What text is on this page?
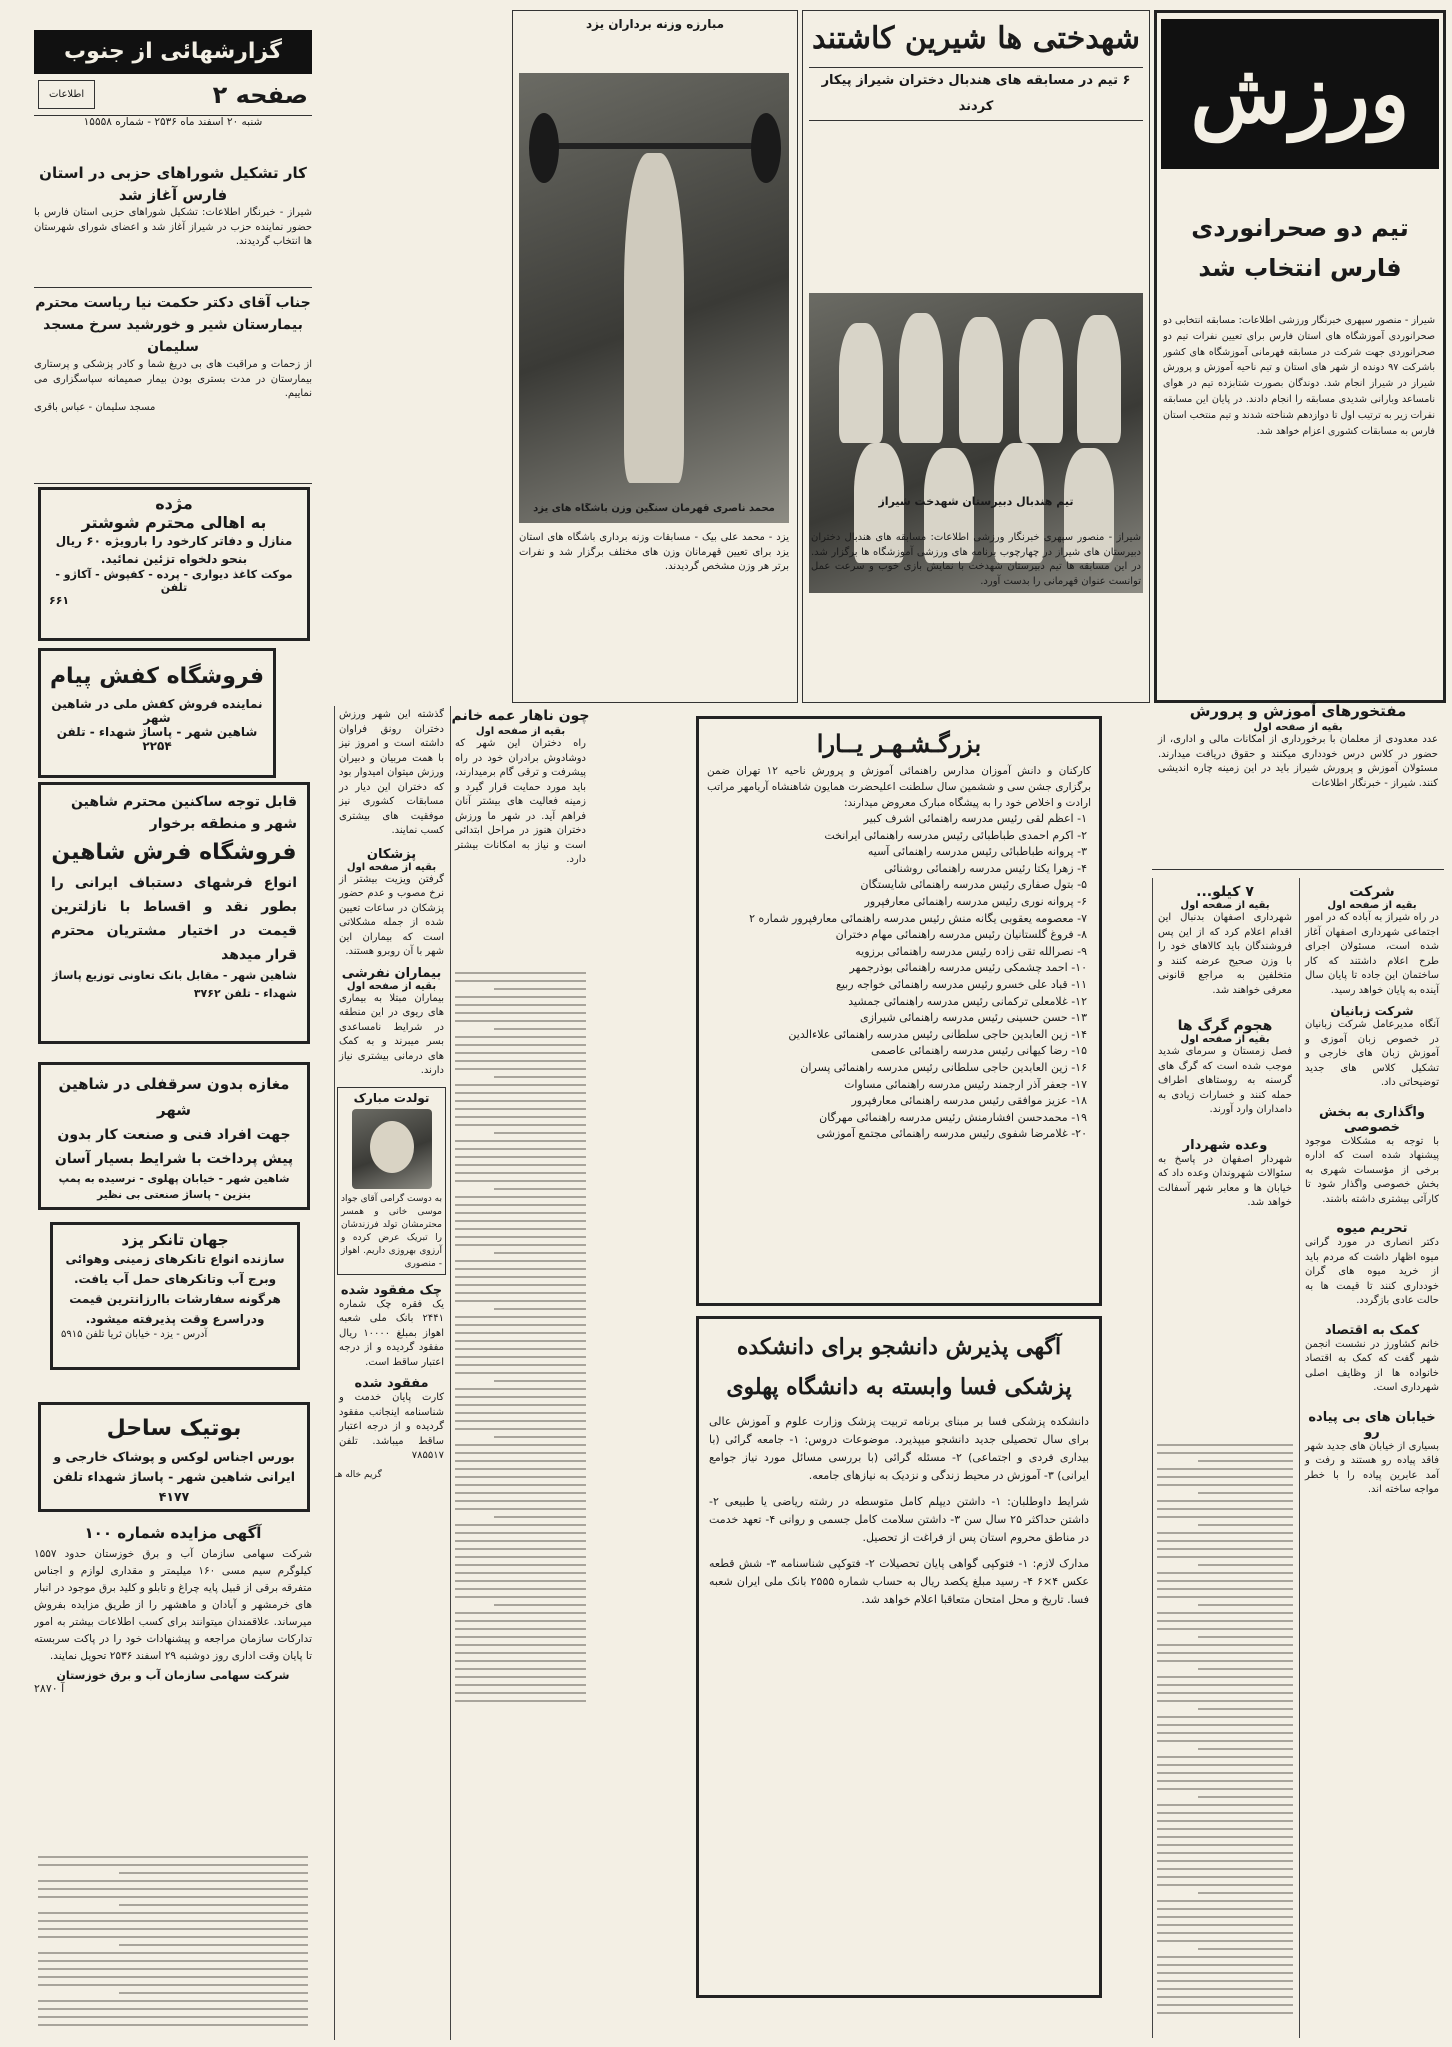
ورزش
تیم دو صحرانوردی فارس انتخاب شد
شیراز - منصور سپهری خبرنگار ورزشی اطلاعات: مسابقه انتخابی دو صحرانوردی آموزشگاه های استان فارس برای تعیین نفرات تیم دو صحرانوردی جهت شرکت در مسابقه قهرمانی آموزشگاه های کشور باشرکت ۹۷ دونده از شهر های استان و تیم ناحیه آموزش و پرورش شیراز در شیراز انجام شد. دوندگان بصورت شتابزده تیم در هوای نامساعد وبارانی شدیدی مسابقه را انجام دادند. در پایان این مسابقه نفرات زیر به ترتیب اول تا دوازدهم شناخته شدند و تیم منتخب استان فارس به مسابقات کشوری اعزام خواهد شد.
مفتخورهای آموزش و پرورش
بقیه از صفحه اول
عدد معدودی از معلمان با برخورداری از امکانات مالی و اداری، از حضور در کلاس درس خودداری میکنند و حقوق دریافت میدارند. مسئولان آموزش و پرورش شیراز باید در این زمینه چاره اندیشی کنند. شیراز - خبرنگار اطلاعات
شرکت
بقیه از صفحه اول
در راه شیراز به آباده که در امور اجتماعی شهرداری اصفهان آغاز شده است، مسئولان اجرای طرح اعلام داشتند که کار ساختمان این جاده تا پایان سال آینده به پایان خواهد رسید.
شرکت زبانیان
آنگاه مدیرعامل شرکت زبانیان در خصوص زبان آموزی و آموزش زبان های خارجی و تشکیل کلاس های جدید توضیحاتی داد.
واگذاری به بخش خصوصی
با توجه به مشکلات موجود پیشنهاد شده است که اداره برخی از مؤسسات شهری به بخش خصوصی واگذار شود تا کارآئی بیشتری داشته باشند.
تحریم میوه
دکتر انصاری در مورد گرانی میوه اظهار داشت که مردم باید از خرید میوه های گران خودداری کنند تا قیمت ها به حالت عادی بازگردد.
کمک به اقتصاد
خانم کشاورز در نشست انجمن شهر گفت که کمک به اقتصاد خانواده ها از وظایف اصلی شهرداری است.
خیابان های بی پیاده رو
بسیاری از خیابان های جدید شهر فاقد پیاده رو هستند و رفت و آمد عابرین پیاده را با خطر مواجه ساخته اند.
۷ کیلو...
بقیه از صفحه اول
شهرداری اصفهان بدنبال این اقدام اعلام کرد که از این پس فروشندگان باید کالاهای خود را با وزن صحیح عرضه کنند و متخلفین به مراجع قانونی معرفی خواهند شد.
هجوم گرگ ها
بقیه از صفحه اول
فصل زمستان و سرمای شدید موجب شده است که گرگ های گرسنه به روستاهای اطراف حمله کنند و خسارات زیادی به دامداران وارد آورند.
وعده شهردار
شهردار اصفهان در پاسخ به سئوالات شهروندان وعده داد که خیابان ها و معابر شهر آسفالت خواهد شد.
شهدختی ها شیرین کاشتند
۶ تیم در مسابقه های هندبال دختران شیراز پیکار کردند
تیم هندبال دبیرستان شهدخت شیراز
شیراز - منصور سپهری خبرنگار ورزشی اطلاعات: مسابقه های هندبال دختران دبیرستان های شیراز در چهارچوب برنامه های ورزشی آموزشگاه ها برگزار شد. در این مسابقه ها تیم دبیرستان شهدخت با نمایش بازی خوب و سرعت عمل توانست عنوان قهرمانی را بدست آورد.
مبارزه وزنه برداران یزد
محمد ناصری قهرمان سنگین وزن باشگاه های یزد
یزد - محمد علی بیک - مسابقات وزنه برداری باشگاه های استان یزد برای تعیین قهرمانان وزن های مختلف برگزار شد و نفرات برتر هر وزن مشخص گردیدند.
گزارشهائی از جنوب
صفحه ۲
اطلاعات
شنبه ۲۰ اسفند ماه ۲۵۳۶ - شماره ۱۵۵۵۸
کار تشکیل شوراهای حزبی در استان فارس آغاز شد
شیراز - خبرنگار اطلاعات: تشکیل شوراهای حزبی استان فارس با حضور نماینده حزب در شیراز آغاز شد و اعضای شورای شهرستان ها انتخاب گردیدند.
جناب آقای دکتر حکمت نیا ریاست محترم بیمارستان شیر و خورشید سرخ مسجد سلیمان
از زحمات و مراقبت های بی دریغ شما و کادر پزشکی و پرستاری بیمارستان در مدت بستری بودن بیمار صمیمانه سپاسگزاری می نماییم.
مسجد سلیمان - عباس باقری
مژده
به اهالی محترم شوشتر
منازل و دفاتر کارخود را بارویژه ۶۰ ریال بنحو دلخواه تزئین نمائید.
موکت کاغذ دیواری - پرده - کفپوش - آکاژو - تلفن
۶۶۱
فروشگاه کفش پیام
نماینده فروش کفش ملی در شاهین شهر
شاهین شهر - پاساژ شهداء - تلفن ۲۲۵۴
قابل توجه ساکنین محترم شاهین شهر و منطقه برخوار
فروشگاه فرش شاهین
انواع فرشهای دستباف ایرانی را بطور نقد و اقساط با نازلترین قیمت در اختیار مشتریان محترم قرار میدهد
شاهین شهر - مقابل بانک تعاونی توزیع پاساژ شهداء - تلفن ۳۷۶۲
مغازه بدون سرقفلی در شاهین شهر
جهت افراد فنی و صنعت کار بدون پیش پرداخت با شرایط بسیار آسان
شاهین شهر - خیابان پهلوی - نرسیده به پمپ بنزین - پاساژ صنعتی بی نظیر
جهان تانکر یزد
سازنده انواع تانکرهای زمینی وهوائی وبرج آب وتانکرهای حمل آب یافت.
هرگونه سفارشات باارزانترین قیمت ودراسرع وقت پذیرفته میشود.
آدرس - یزد - خیابان ثریا تلفن ۵۹۱۵
بوتیک ساحل
بورس اجناس لوکس و پوشاک خارجی و ایرانی شاهین شهر - پاساژ شهداء تلفن ۴۱۷۷
آگهی مزایده شماره ۱۰۰
شرکت سهامی سازمان آب و برق خوزستان حدود ۱۵۵۷ کیلوگرم سیم مسی ۱۶۰ میلیمتر و مقداری لوازم و اجناس متفرقه برقی از قبیل پایه چراغ و تابلو و کلید برق موجود در انبار های خرمشهر و آبادان و ماهشهر را از طریق مزایده بفروش میرساند. علاقمندان میتوانند برای کسب اطلاعات بیشتر به امور تدارکات سازمان مراجعه و پیشنهادات خود را در پاکت سربسته تا پایان وقت اداری روز دوشنبه ۲۹ اسفند ۲۵۳۶ تحویل نمایند.
شرکت سهامی سازمان آب و برق خوزستان
آ ۲۸۷۰
چون ناهار عمه خانم
بقیه از صفحه اول
راه دختران این شهر که دوشادوش برادران خود در راه پیشرفت و ترقی گام برمیدارند، باید مورد حمایت قرار گیرد و زمینه فعالیت های بیشتر آنان فراهم آید. در شهر ما ورزش دختران هنوز در مراحل ابتدائی است و نیاز به امکانات بیشتر دارد.
گذشته این شهر ورزش دختران رونق فراوان داشته است و امروز نیز با همت مربیان و دبیران ورزش میتوان امیدوار بود که دختران این دیار در مسابقات کشوری نیز موفقیت های بیشتری کسب نمایند.
پزشکان
بقیه از صفحه اول
گرفتن ویزیت بیشتر از نرخ مصوب و عدم حضور پزشکان در ساعات تعیین شده از جمله مشکلاتی است که بیماران این شهر با آن روبرو هستند.
بیماران نفرشی
بقیه از صفحه اول
بیماران مبتلا به بیماری های ریوی در این منطقه در شرایط نامساعدی بسر میبرند و به کمک های درمانی بیشتری نیاز دارند.
تولدت مبارک
به دوست گرامی آقای جواد موسی خانی و همسر محترمشان تولد فرزندشان را تبریک عرض کرده و آرزوی بهروزی داریم. اهواز - منصوری
چک مفقود شده
یک فقره چک شماره ۲۴۴۱ بانک ملی شعبه اهواز بمبلغ ۱۰۰۰۰ ریال مفقود گردیده و از درجه اعتبار ساقط است.
مفقود شده
کارت پایان خدمت و شناسنامه اینجانب مفقود گردیده و از درجه اعتبار ساقط میباشد. تلفن ۷۸۵۵۱۷
گریم خاله هـ
بزرگـشـهـر یــارا
کارکنان و دانش آموزان مدارس راهنمائی آموزش و پرورش ناحیه ۱۲ تهران ضمن برگزاری جشن سی و ششمین سال سلطنت اعلیحضرت همایون شاهنشاه آریامهر مراتب ارادت و اخلاص خود را به پیشگاه مبارک معروض میدارند:
۱- اعظم لقی رئیس مدرسه راهنمائی اشرف کبیر
۲- اکرم احمدی طباطبائی رئیس مدرسه راهنمائی ایرانخت
۳- پروانه طباطبائی رئیس مدرسه راهنمائی آسیه
۴- زهرا یکتا رئیس مدرسه راهنمائی روشنائی
۵- بتول صفاری رئیس مدرسه راهنمائی شایستگان
۶- پروانه نوری رئیس مدرسه راهنمائی معارفپرور
۷- معصومه یعقوبی یگانه منش رئیس مدرسه راهنمائی معارفپرور شماره ۲
۸- فروغ گلستانیان رئیس مدرسه راهنمائی مهام دختران
۹- نصرالله تقی زاده رئیس مدرسه راهنمائی برزویه
۱۰- احمد چشمکی رئیس مدرسه راهنمائی بوذرجمهر
۱۱- قباد علی خسرو رئیس مدرسه راهنمائی خواجه ربیع
۱۲- غلامعلی ترکمانی رئیس مدرسه راهنمائی جمشید
۱۳- حسن حسینی رئیس مدرسه راهنمائی شیرازی
۱۴- زین العابدین حاجی سلطانی رئیس مدرسه راهنمائی علاءالدین
۱۵- رضا کیهانی رئیس مدرسه راهنمائی عاصمی
۱۶- زین العابدین حاجی سلطانی رئیس مدرسه راهنمائی پسران
۱۷- جعفر آذر ارجمند رئیس مدرسه راهنمائی مساوات
۱۸- عزیز موافقی رئیس مدرسه راهنمائی معارفپرور
۱۹- محمدحسن افشارمنش رئیس مدرسه راهنمائی مهرگان
۲۰- غلامرضا شفوی رئیس مدرسه راهنمائی مجتمع آموزشی
آگهی پذیرش دانشجو برای دانشکده پزشکی فسا وابسته به دانشگاه پهلوی
دانشکده پزشکی فسا بر مبنای برنامه تربیت پزشک وزارت علوم و آموزش عالی برای سال تحصیلی جدید دانشجو میپذیرد. موضوعات دروس: ۱- جامعه گرائی (با بیداری فردی و اجتماعی) ۲- مسئله گرائی (با بررسی مسائل مورد نیاز جوامع ایرانی) ۳- آموزش در محیط زندگی و نزدیک به نیازهای جامعه.
شرایط داوطلبان: ۱- داشتن دیپلم کامل متوسطه در رشته ریاضی یا طبیعی ۲- داشتن حداکثر ۲۵ سال سن ۳- داشتن سلامت کامل جسمی و روانی ۴- تعهد خدمت در مناطق محروم استان پس از فراغت از تحصیل.
مدارک لازم: ۱- فتوکپی گواهی پایان تحصیلات ۲- فتوکپی شناسنامه ۳- شش قطعه عکس ۴×۶ ۴- رسید مبلغ یکصد ریال به حساب شماره ۲۵۵۵ بانک ملی ایران شعبه فسا. تاریخ و محل امتحان متعاقبا اعلام خواهد شد.
